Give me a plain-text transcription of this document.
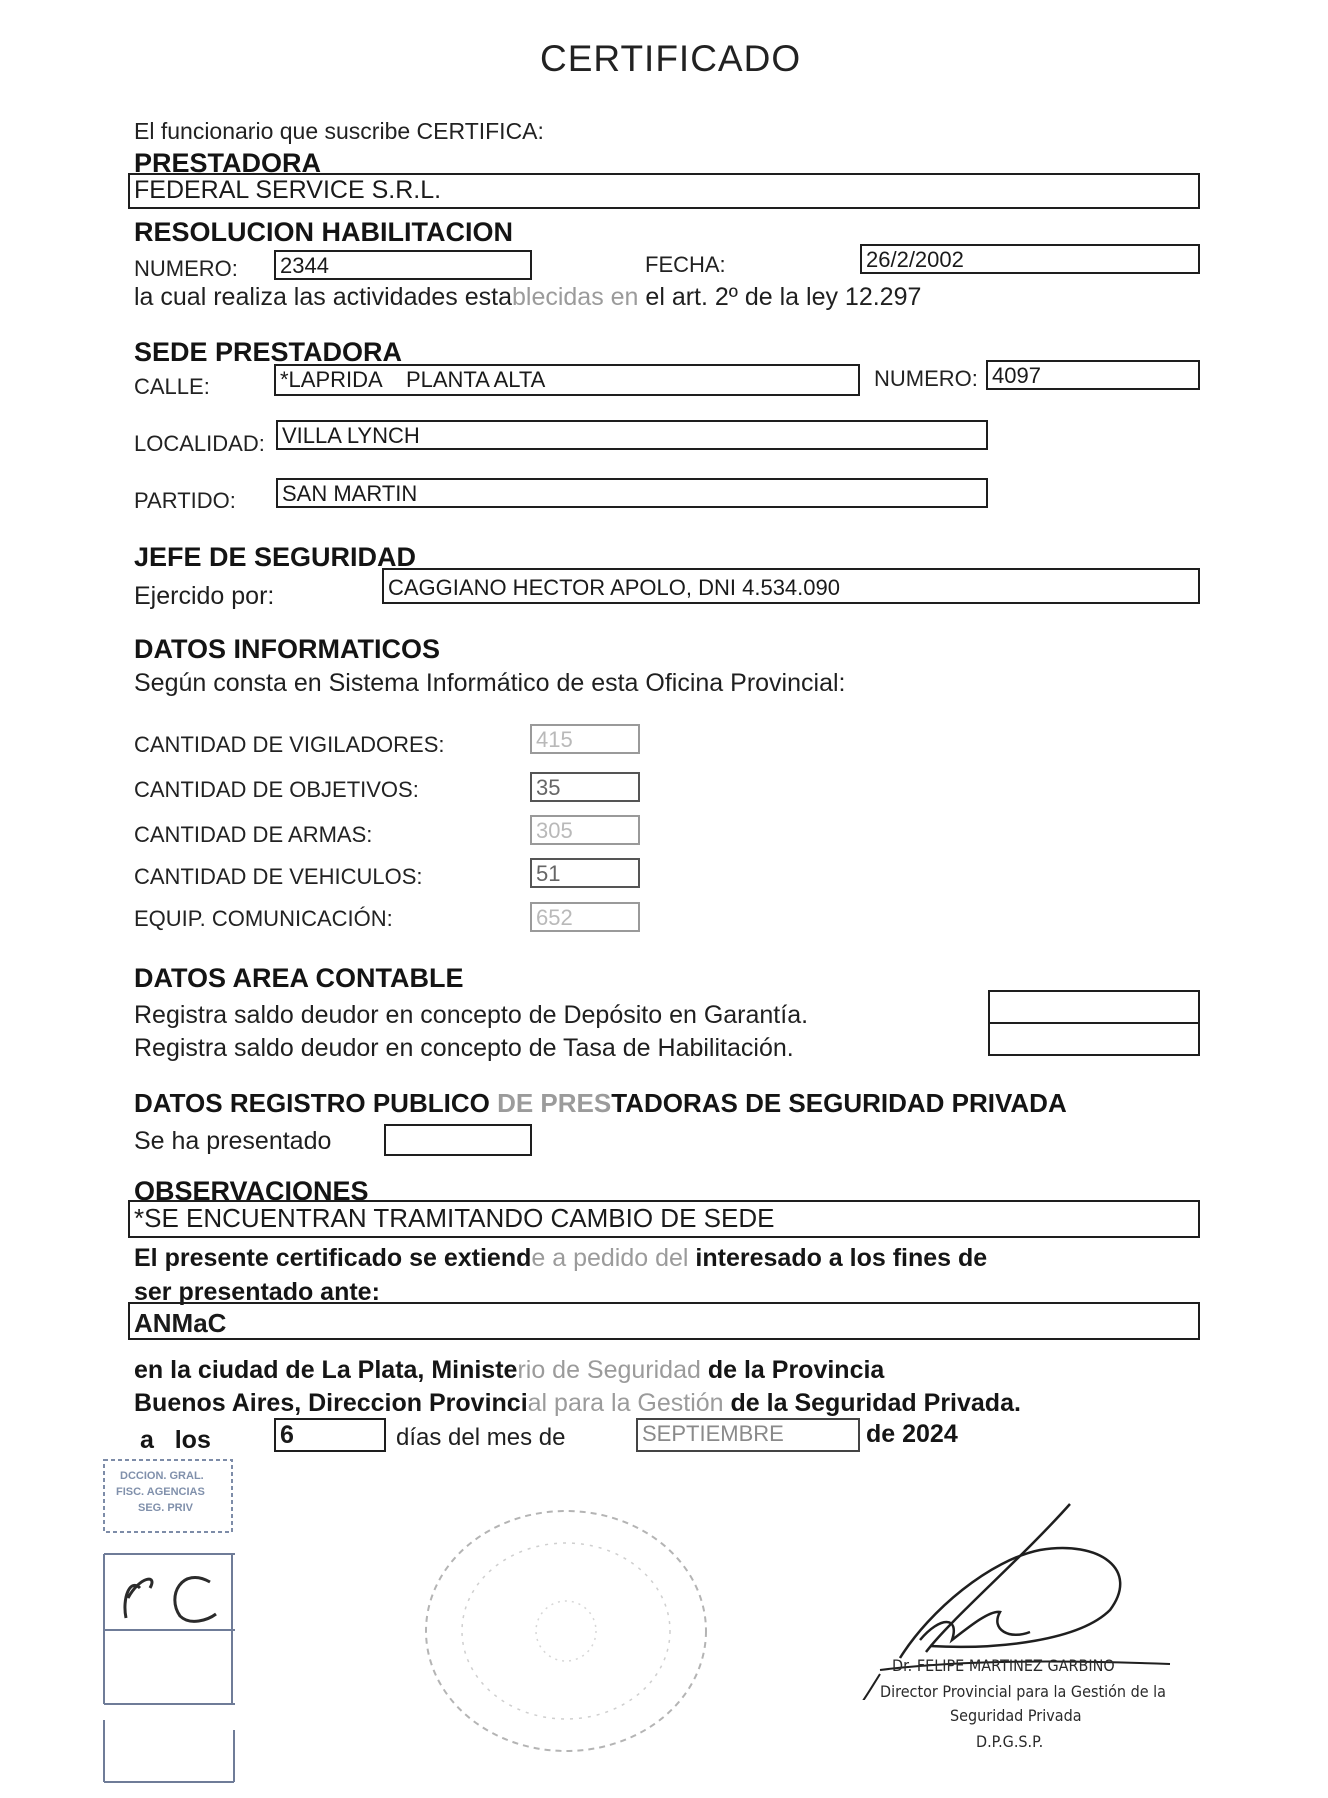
CERTIFICADO
El funcionario que suscribe CERTIFICA:
PRESTADORA
FEDERAL SERVICE S.R.L.
RESOLUCION HABILITACION
NUMERO: 2344	FECHA:	26/2/2002
la cual realiza las actividades establecidas en el art. 2º de la ley 12.297
SEDE PRESTADORA
CALLE:	*LAPRIDA    PLANTA ALTA	NUMERO: 4097
LOCALIDAD: VILLA LYNCH
PARTIDO: SAN MARTIN
JEFE DE SEGURIDAD
Ejercido por:	CAGGIANO HECTOR APOLO, DNI 4.534.090
DATOS INFORMATICOS
Según consta en Sistema Informático de esta Oficina Provincial:
CANTIDAD DE VIGILADORES:	415
CANTIDAD DE OBJETIVOS:	35
CANTIDAD DE ARMAS:	305
CANTIDAD DE VEHICULOS:	51
EQUIP. COMUNICACIÓN:	652
DATOS AREA CONTABLE
Registra saldo deudor en concepto de Depósito en Garantía.
Registra saldo deudor en concepto de Tasa de Habilitación.
DATOS REGISTRO PUBLICO DE PRESTADORAS DE SEGURIDAD PRIVADA
Se ha presentado
OBSERVACIONES
*SE ENCUENTRAN TRAMITANDO CAMBIO DE SEDE
El presente certificado se extiende a pedido del interesado a los fines de
ser presentado ante:
ANMaC
en la ciudad de La Plata, Ministerio de Seguridad de la Provincia
Buenos Aires, Direccion Provincial para la Gestión de la Seguridad Privada.
a   los	6	días del mes de	SEPTIEMBRE	de 2024
DCCION. GRAL.
FISC. AGENCIAS
SEG. PRIV
Dr. FELIPE MARTINEZ GARBINO
Director Provincial para la Gestión de la
Seguridad Privada
D.P.G.S.P.
